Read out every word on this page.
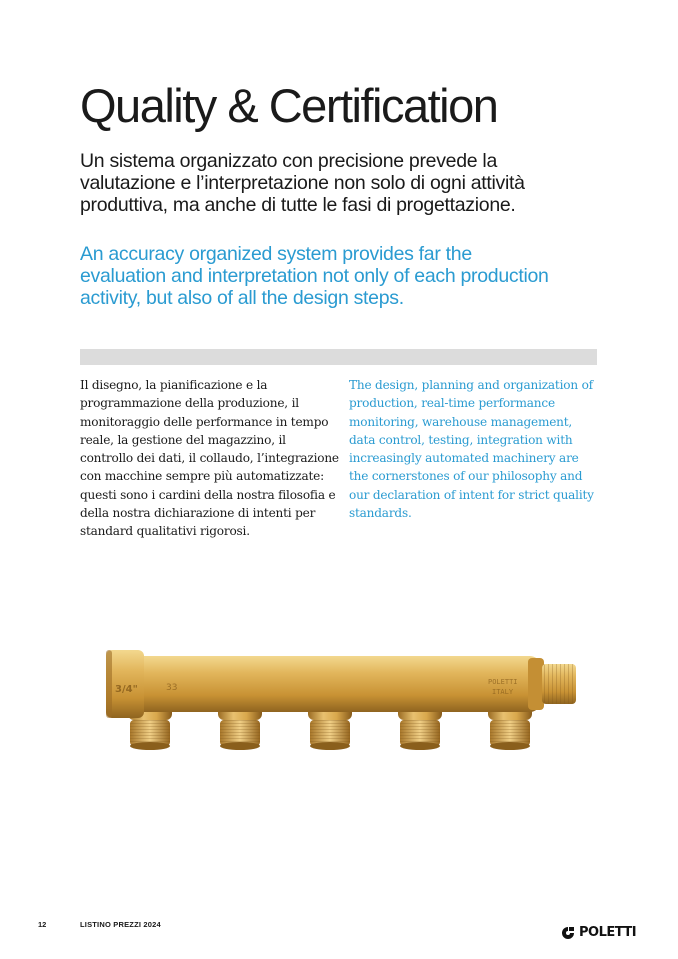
Quality & Certification

Un sistema organizzato con precisione prevede la valutazione e l’interpretazione non solo di ogni attività produttiva, ma anche di tutte le fasi di progettazione.

An accuracy organized system provides far the evaluation and interpretation not only of each production activity, but also of all the design steps.

Il disegno, la pianificazione e la programmazione della produzione, il monitoraggio delle performance in tempo reale, la gestione del magazzino, il controllo dei dati, il collaudo, l’integrazione con macchine sempre più automatizzate: questi sono i cardini della nostra filosofia e della nostra dichiarazione di intenti per standard qualitativi rigorosi.

The design, planning and organization of production, real-time performance monitoring, warehouse management, data control, testing, integration with increasingly automated machinery are the cornerstones of our philosophy and our declaration of intent for strict quality standards.

3/4"	33
POLETTI
ITALY
12	LISTINO PREZZI 2024
POLETTI
